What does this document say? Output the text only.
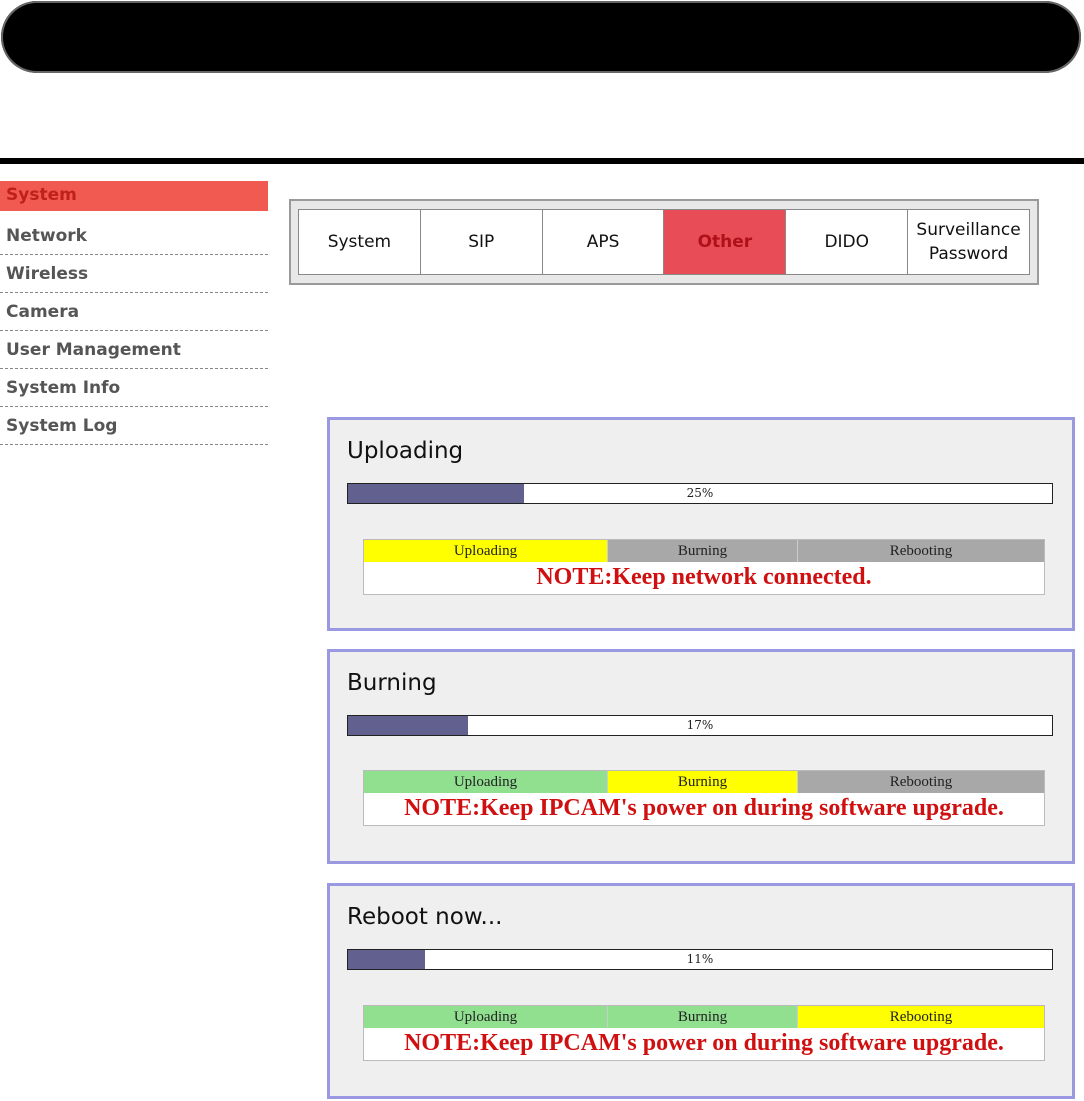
System
Network
Wireless
Camera
User Management
System Info
System Log
System	SIP	APS	Other	DIDO
Surveillance
Password
Uploading
25%
Uploading	Burning	Rebooting
NOTE:Keep network connected.
Burning
17%
Uploading	Burning	Rebooting
NOTE:Keep IPCAM's power on during software upgrade.
Reboot now...
11%
Uploading	Burning	Rebooting
NOTE:Keep IPCAM's power on during software upgrade.
